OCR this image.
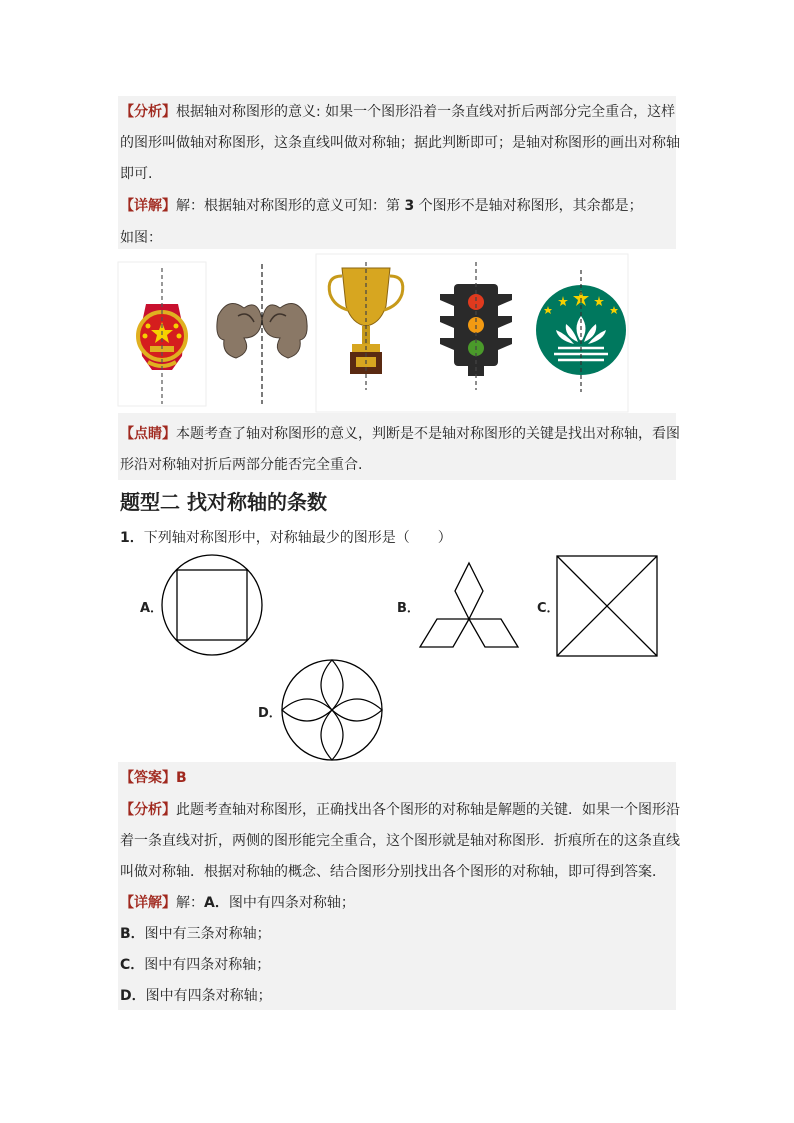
【分析】根据轴对称图形的意义: 如果一个图形沿着一条直线对折后两部分完全重合，这样
的图形叫做轴对称图形，这条直线叫做对称轴；据此判断即可；是轴对称图形的画出对称轴
即可.
【详解】解：根据轴对称图形的意义可知：第 3 个图形不是轴对称图形，其余都是；
如图：
【点睛】本题考查了轴对称图形的意义，判断是不是轴对称图形的关键是找出对称轴，看图
形沿对称轴对折后两部分能否完全重合.
题型二 找对称轴的条数
1．下列轴对称图形中，对称轴最少的图形是（　　）
A．	B．	C．
D．
【答案】B
【分析】此题考查轴对称图形，正确找出各个图形的对称轴是解题的关键．如果一个图形沿
着一条直线对折，两侧的图形能完全重合，这个图形就是轴对称图形．折痕所在的这条直线
叫做对称轴．根据对称轴的概念、结合图形分别找出各个图形的对称轴，即可得到答案．
【详解】解：A．图中有四条对称轴；
B．图中有三条对称轴；
C．图中有四条对称轴；
D．图中有四条对称轴；
